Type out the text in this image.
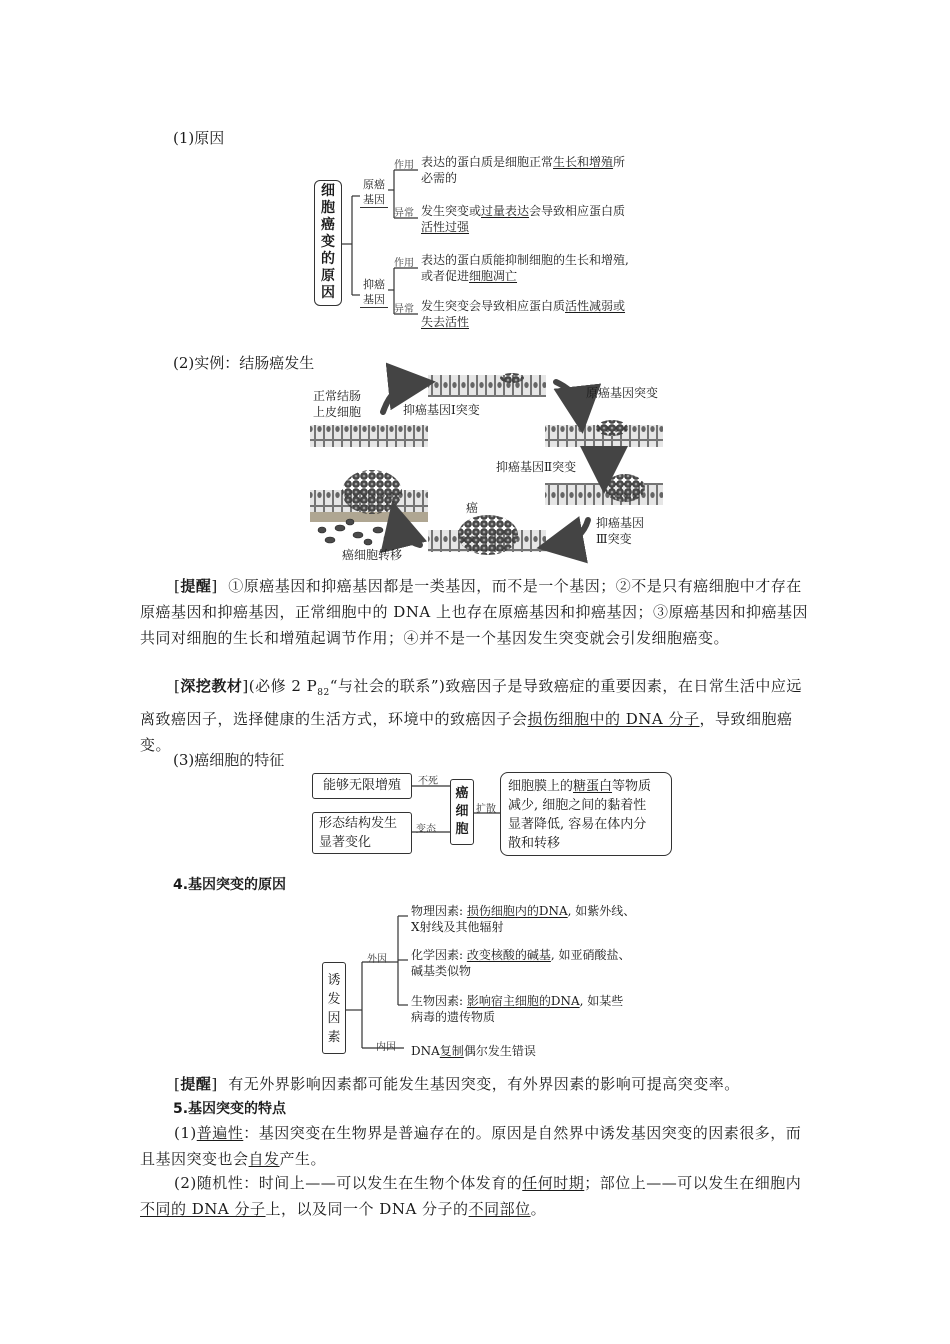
(1)原因
细
胞
癌
变
的
原
因
原癌
基因
抑癌
基因
作用
异常
作用
异常
表达的蛋白质是细胞正常生长和增殖所
必需的
发生突变或过量表达会导致相应蛋白质
活性过强
表达的蛋白质能抑制细胞的生长和增殖,
或者促进细胞凋亡
发生突变会导致相应蛋白质活性减弱或
失去活性
(2)实例：结肠癌发生
正常结肠
上皮细胞	抑癌基因Ⅰ突变
原癌基因突变
抑癌基因Ⅱ突变
抑癌基因
Ⅲ突变
癌
癌细胞转移
[提醒]  ①原癌基因和抑癌基因都是一类基因，而不是一个基因；②不是只有癌细胞中才存在原癌基因和抑癌基因，正常细胞中的 DNA 上也存在原癌基因和抑癌基因；③原癌基因和抑癌基因共同对细胞的生长和增殖起调节作用；④并不是一个基因发生突变就会引发细胞癌变。
[深挖教材](必修 2 $P_{82}“$与社会的联系”)致癌因子是导致癌症的重要因素，在日常生活中应远离致癌因子，选择健康的生活方式，环境中的致癌因子会损伤细胞中的 DNA 分子，导致细胞癌变。
(3)癌细胞的特征
能够无限增殖
形态结构发生
显著变化
不死
变态
癌
细
胞
扩散
细胞膜上的糖蛋白等物质
减少, 细胞之间的黏着性
显著降低, 容易在体内分
散和转移
4.基因突变的原因
诱
发
因
素
外因
内因
物理因素: 损伤细胞内的DNA, 如紫外线、
X射线及其他辐射
化学因素: 改变核酸的碱基, 如亚硝酸盐、
碱基类似物
生物因素: 影响宿主细胞的DNA, 如某些
病毒的遗传物质
DNA复制偶尔发生错误
[提醒]  有无外界影响因素都可能发生基因突变，有外界因素的影响可提高突变率。
5.基因突变的特点
(1)普遍性：基因突变在生物界是普遍存在的。原因是自然界中诱发基因突变的因素很多，而且基因突变也会自发产生。
(2)随机性：时间上——可以发生在生物个体发育的任何时期；部位上——可以发生在细胞内不同的 DNA 分子上，以及同一个 DNA 分子的不同部位。
